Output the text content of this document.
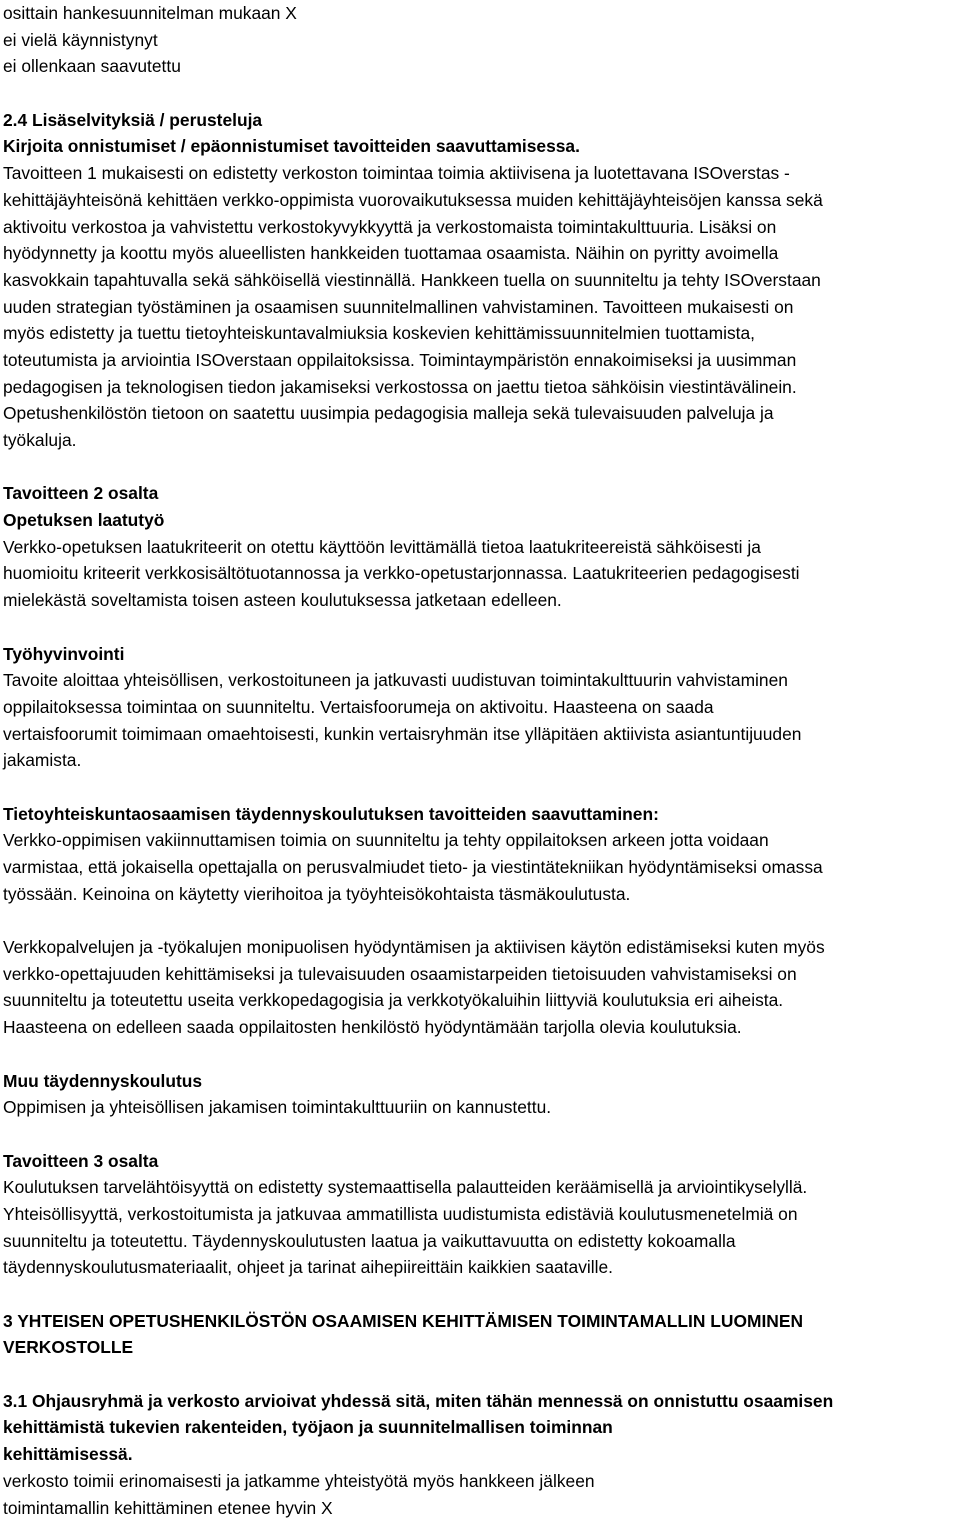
osittain hankesuunnitelman mukaan X
ei vielä käynnistynyt
ei ollenkaan saavutettu
2.4 Lisäselvityksiä / perusteluja
Kirjoita onnistumiset / epäonnistumiset tavoitteiden saavuttamisessa.
Tavoitteen 1 mukaisesti on edistetty verkoston toimintaa toimia aktiivisena ja luotettavana ISOverstas -
kehittäjäyhteisönä kehittäen verkko-oppimista vuorovaikutuksessa muiden kehittäjäyhteisöjen kanssa sekä
aktivoitu verkostoa ja vahvistettu verkostokyvykkyyttä ja verkostomaista toimintakulttuuria. Lisäksi on
hyödynnetty ja koottu myös alueellisten hankkeiden tuottamaa osaamista. Näihin on pyritty avoimella
kasvokkain tapahtuvalla sekä sähköisellä viestinnällä. Hankkeen tuella on suunniteltu ja tehty ISOverstaan
uuden strategian työstäminen ja osaamisen suunnitelmallinen vahvistaminen. Tavoitteen mukaisesti on
myös edistetty ja tuettu tietoyhteiskuntavalmiuksia koskevien kehittämissuunnitelmien tuottamista,
toteutumista ja arviointia ISOverstaan oppilaitoksissa. Toimintaympäristön ennakoimiseksi ja uusimman
pedagogisen ja teknologisen tiedon jakamiseksi verkostossa on jaettu tietoa sähköisin viestintävälinein.
Opetushenkilöstön tietoon on saatettu uusimpia pedagogisia malleja sekä tulevaisuuden palveluja ja
työkaluja.
Tavoitteen 2 osalta
Opetuksen laatutyö
Verkko-opetuksen laatukriteerit on otettu käyttöön levittämällä tietoa laatukriteereistä sähköisesti ja
huomioitu kriteerit verkkosisältötuotannossa ja verkko-opetustarjonnassa. Laatukriteerien pedagogisesti
mielekästä soveltamista toisen asteen koulutuksessa jatketaan edelleen.
Työhyvinvointi
Tavoite aloittaa yhteisöllisen, verkostoituneen ja jatkuvasti uudistuvan toimintakulttuurin vahvistaminen
oppilaitoksessa toimintaa on suunniteltu. Vertaisfoorumeja on aktivoitu. Haasteena on saada
vertaisfoorumit toimimaan omaehtoisesti, kunkin vertaisryhmän itse ylläpitäen aktiivista asiantuntijuuden
jakamista.
Tietoyhteiskuntaosaamisen täydennyskoulutuksen tavoitteiden saavuttaminen:
Verkko-oppimisen vakiinnuttamisen toimia on suunniteltu ja tehty oppilaitoksen arkeen jotta voidaan
varmistaa, että jokaisella opettajalla on perusvalmiudet tieto- ja viestintätekniikan hyödyntämiseksi omassa
työssään. Keinoina on käytetty vierihoitoa ja työyhteisökohtaista täsmäkoulutusta.
Verkkopalvelujen ja -työkalujen monipuolisen hyödyntämisen ja aktiivisen käytön edistämiseksi kuten myös
verkko-opettajuuden kehittämiseksi ja tulevaisuuden osaamistarpeiden tietoisuuden vahvistamiseksi on
suunniteltu ja toteutettu useita verkkopedagogisia ja verkkotyökaluihin liittyviä koulutuksia eri aiheista.
Haasteena on edelleen saada oppilaitosten henkilöstö hyödyntämään tarjolla olevia koulutuksia.
Muu täydennyskoulutus
Oppimisen ja yhteisöllisen jakamisen toimintakulttuuriin on kannustettu.
Tavoitteen 3 osalta
Koulutuksen tarvelähtöisyyttä on edistetty systemaattisella palautteiden keräämisellä ja arviointikyselyllä.
Yhteisöllisyyttä, verkostoitumista ja jatkuvaa ammatillista uudistumista edistäviä koulutusmenetelmiä on
suunniteltu ja toteutettu. Täydennyskoulutusten laatua ja vaikuttavuutta on edistetty kokoamalla
täydennyskoulutusmateriaalit, ohjeet ja tarinat aihepiireittäin kaikkien saataville.
3 YHTEISEN OPETUSHENKILÖSTÖN OSAAMISEN KEHITTÄMISEN TOIMINTAMALLIN LUOMINEN
VERKOSTOLLE
3.1 Ohjausryhmä ja verkosto arvioivat yhdessä sitä, miten tähän mennessä on onnistuttu osaamisen
kehittämistä tukevien rakenteiden, työjaon ja suunnitelmallisen toiminnan
kehittämisessä.
verkosto toimii erinomaisesti ja jatkamme yhteistyötä myös hankkeen jälkeen
toimintamallin kehittäminen etenee hyvin X
